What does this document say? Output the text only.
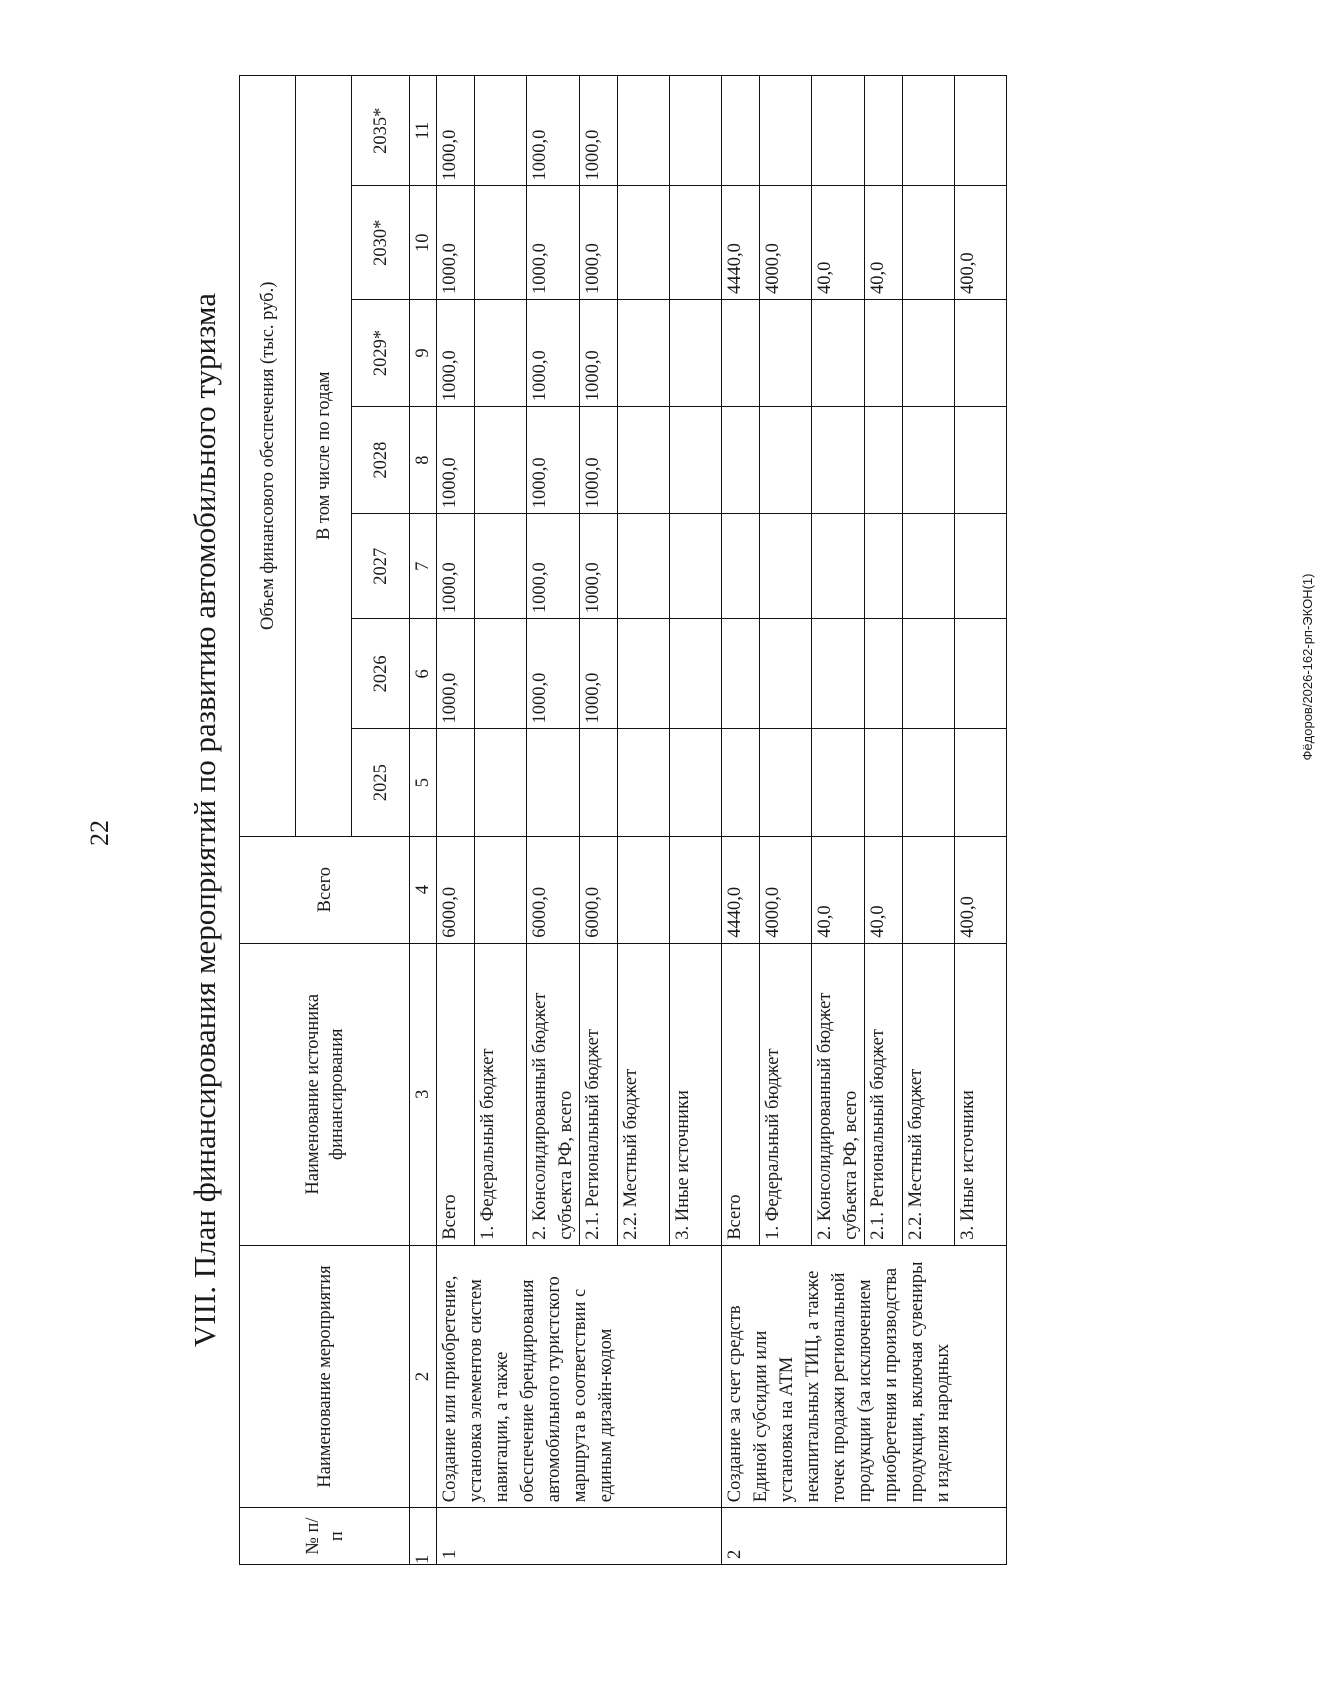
22
Фёдоров/2026-162-рп-ЭКОН(1)
VIII. План финансирования мероприятий по развитию автомобильного туризма
№ п/п	Наименование мероприятия	Наименование источника финансирования	Всего	Объем финансового обеспечения (тыс. руб.)						
				В том числе по годам						
				2025	2026	2027	2028	2029*	2030*	2035*
1	2	3	4	5	6	7	8	9	10	11
1	Создание или приобретение, установка элементов систем навигации, а также обеспечение брендирования автомобильного туристского маршрута в соответствии с единым дизайн-кодом	Всего	6000,0		1000,0	1000,0	1000,0	1000,0	1000,0	1000,0
		1. Федеральный бюджет								
		2. Консолидированный бюджет субъекта РФ, всего	6000,0		1000,0	1000,0	1000,0	1000,0	1000,0	1000,0
		2.1. Региональный бюджет	6000,0		1000,0	1000,0	1000,0	1000,0	1000,0	1000,0
		2.2. Местный бюджет								
		3. Иные источники								
2	Создание за счет средств Единой субсидии или установка на АТМ некапитальных ТИЦ, а также точек продажи региональной продукции (за исключением приобретения и производства продукции, включая сувениры и изделия народных	Всего	4440,0						4440,0	
		1. Федеральный бюджет	4000,0						4000,0	
		2. Консолидированный бюджет субъекта РФ, всего	40,0						40,0	
		2.1. Региональный бюджет	40,0						40,0	
		2.2. Местный бюджет								
		3. Иные источники	400,0						400,0	
